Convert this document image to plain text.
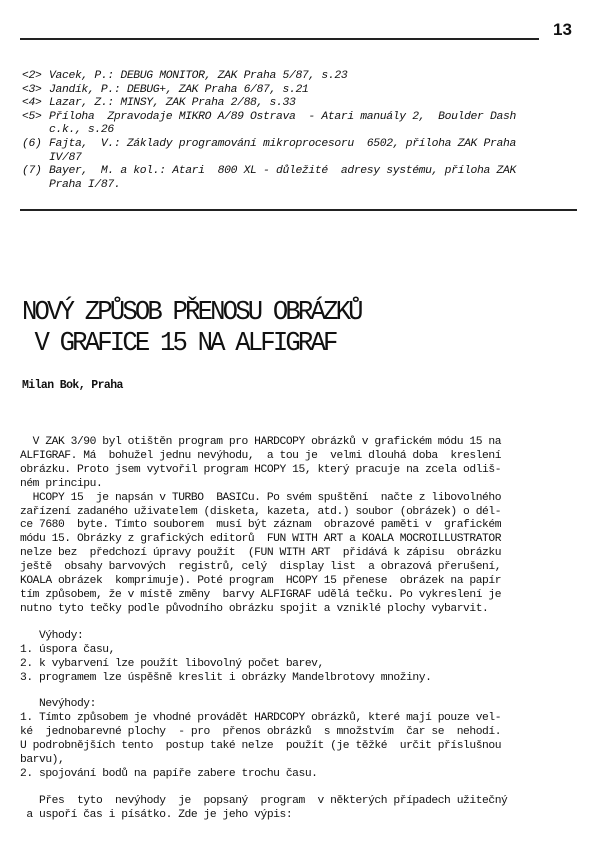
13
<2> Vacek, P.: DEBUG MONITOR, ZAK Praha 5/87, s.23
<3> Jandík, P.: DEBUG+, ZAK Praha 6/87, s.21
<4> Lazar, Z.: MINSY, ZAK Praha 2/88, s.33
<5> Příloha  Zpravodaje MIKRO A/89 Ostrava  - Atari manuály 2,  Boulder Dash
c.k., s.26
(6) Fajta,  V.: Základy programování mikroprocesoru  6502, příloha ZAK Praha
IV/87
(7) Bayer,  M. a kol.: Atari  800 XL - důležité  adresy systému, příloha ZAK
Praha I/87.
NOVÝ ZPŮSOB PŘENOSU OBRÁZKŮ
V GRAFICE 15 NA ALFIGRAF
Milan Bok, Praha
V ZAK 3/90 byl otištěn program pro HARDCOPY obrázků v grafickém módu 15 na
ALFIGRAF. Má  bohužel jednu nevýhodu,  a tou je  velmi dlouhá doba  kreslení
obrázku. Proto jsem vytvořil program HCOPY 15, který pracuje na zcela odliš-
ném principu.
HCOPY 15  je napsán v TURBO  BASICu. Po svém spuštění  načte z libovolného
zařízení zadaného uživatelem (disketa, kazeta, atd.) soubor (obrázek) o dél-
ce 7680  byte. Tímto souborem  musí být záznam  obrazové paměti v  grafickém
módu 15. Obrázky z grafických editorů  FUN WITH ART a KOALA MOCROILLUSTRATOR
nelze bez  předchozí úpravy použít  (FUN WITH ART  přidává k zápisu  obrázku
ještě  obsahy barvových  registrů, celý  display list  a obrazová přerušení,
KOALA obrázek  komprimuje). Poté program  HCOPY 15 přenese  obrázek na papír
tím způsobem, že v místě změny  barvy ALFIGRAF udělá tečku. Po vykreslení je
nutno tyto tečky podle původního obrázku spojit a vzniklé plochy vybarvit.
Výhody:
1. úspora času,
2. k vybarvení lze použít libovolný počet barev,
3. programem lze úspěšně kreslit i obrázky Mandelbrotovy množiny.
Nevýhody:
1. Tímto způsobem je vhodné provádět HARDCOPY obrázků, které mají pouze vel-
ké  jednobarevné plochy  - pro  přenos obrázků  s množstvím  čar se  nehodí.
U podrobnějších tento  postup také nelze  použít (je těžké  určit příslušnou
barvu),
2. spojování bodů na papíře zabere trochu času.
Přes  tyto  nevýhody  je  popsaný  program  v některých případech užitečný
a uspoří čas i písátko. Zde je jeho výpis:
